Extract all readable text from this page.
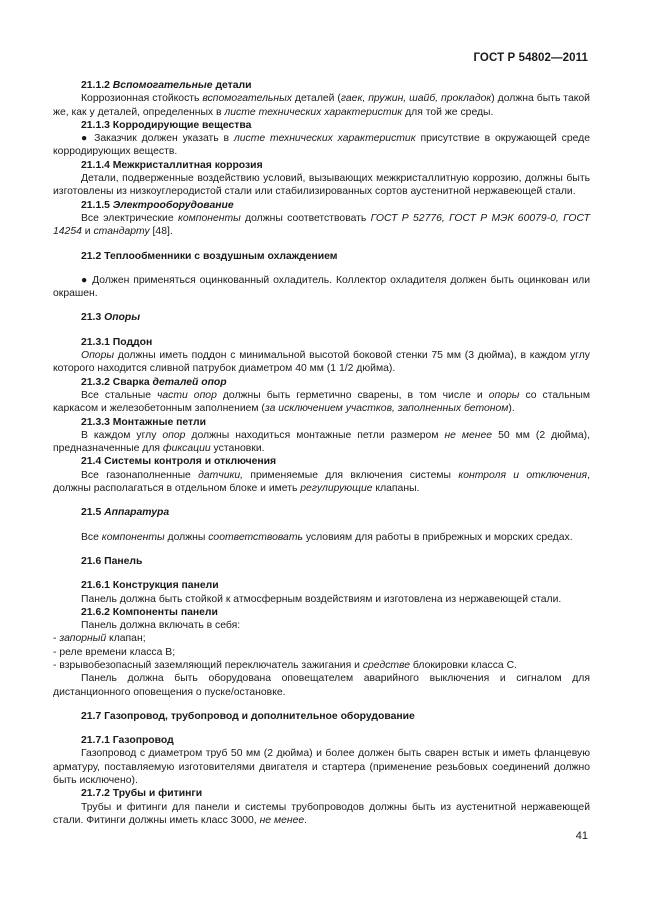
ГОСТ Р 54802—2011

21.1.2 Вспомогательные детали

Коррозионная стойкость вспомогательных деталей (гаек, пружин, шайб, прокладок) должна быть такой же, как у деталей, определенных в листе технических характеристик для той же среды.

21.1.3 Корродирующие вещества

● Заказчик должен указать в листе технических характеристик присутствие в окружающей среде корродирующих веществ.

21.1.4 Межкристаллитная коррозия

Детали, подверженные воздействию условий, вызывающих межкристаллитную коррозию, должны быть изготовлены из низкоуглеродистой стали или стабилизированных сортов аустенитной нержавеющей стали.

21.1.5 Электрооборудование

Все электрические компоненты должны соответствовать ГОСТ Р 52776, ГОСТ Р МЭК 60079-0, ГОСТ 14254 и стандарту [48].

21.2 Теплообменники с воздушным охлаждением

● Должен применяться оцинкованный охладитель. Коллектор охладителя должен быть оцинкован или окрашен.

21.3 Опоры

21.3.1 Поддон

Опоры должны иметь поддон с минимальной высотой боковой стенки 75 мм (3 дюйма), в каждом углу которого находится сливной патрубок диаметром 40 мм (1 1/2 дюйма).

21.3.2 Сварка деталей опор

Все стальные части опор должны быть герметично сварены, в том числе и опоры со стальным каркасом и железобетонным заполнением (за исключением участков, заполненных бетоном).

21.3.3 Монтажные петли

В каждом углу опор должны находиться монтажные петли размером не менее 50 мм (2 дюйма), предназначенные для фиксации установки.

21.4 Системы контроля и отключения

Все газонаполненные датчики, применяемые для включения системы контроля и отключения, должны располагаться в отдельном блоке и иметь регулирующие клапаны.

21.5 Аппаратура

Все компоненты должны соответствовать условиям для работы в прибрежных и морских средах.

21.6 Панель

21.6.1 Конструкция панели

Панель должна быть стойкой к атмосферным воздействиям и изготовлена из нержавеющей стали.

21.6.2 Компоненты панели

Панель должна включать в себя:

- запорный клапан;

- реле времени класса B;

- взрывобезопасный заземляющий переключатель зажигания и средстве блокировки класса C.

Панель должна быть оборудована оповещателем аварийного выключения и сигналом для дистанционного оповещения о пуске/остановке.

21.7 Газопровод, трубопровод и дополнительное оборудование

21.7.1 Газопровод

Газопровод с диаметром труб 50 мм (2 дюйма) и более должен быть сварен встык и иметь фланцевую арматуру, поставляемую изготовителями двигателя и стартера (применение резьбовых соединений должно быть исключено).

21.7.2 Трубы и фитинги

Трубы и фитинги для панели и системы трубопроводов должны быть из аустенитной нержавеющей стали. Фитинги должны иметь класс 3000, не менее.

41
